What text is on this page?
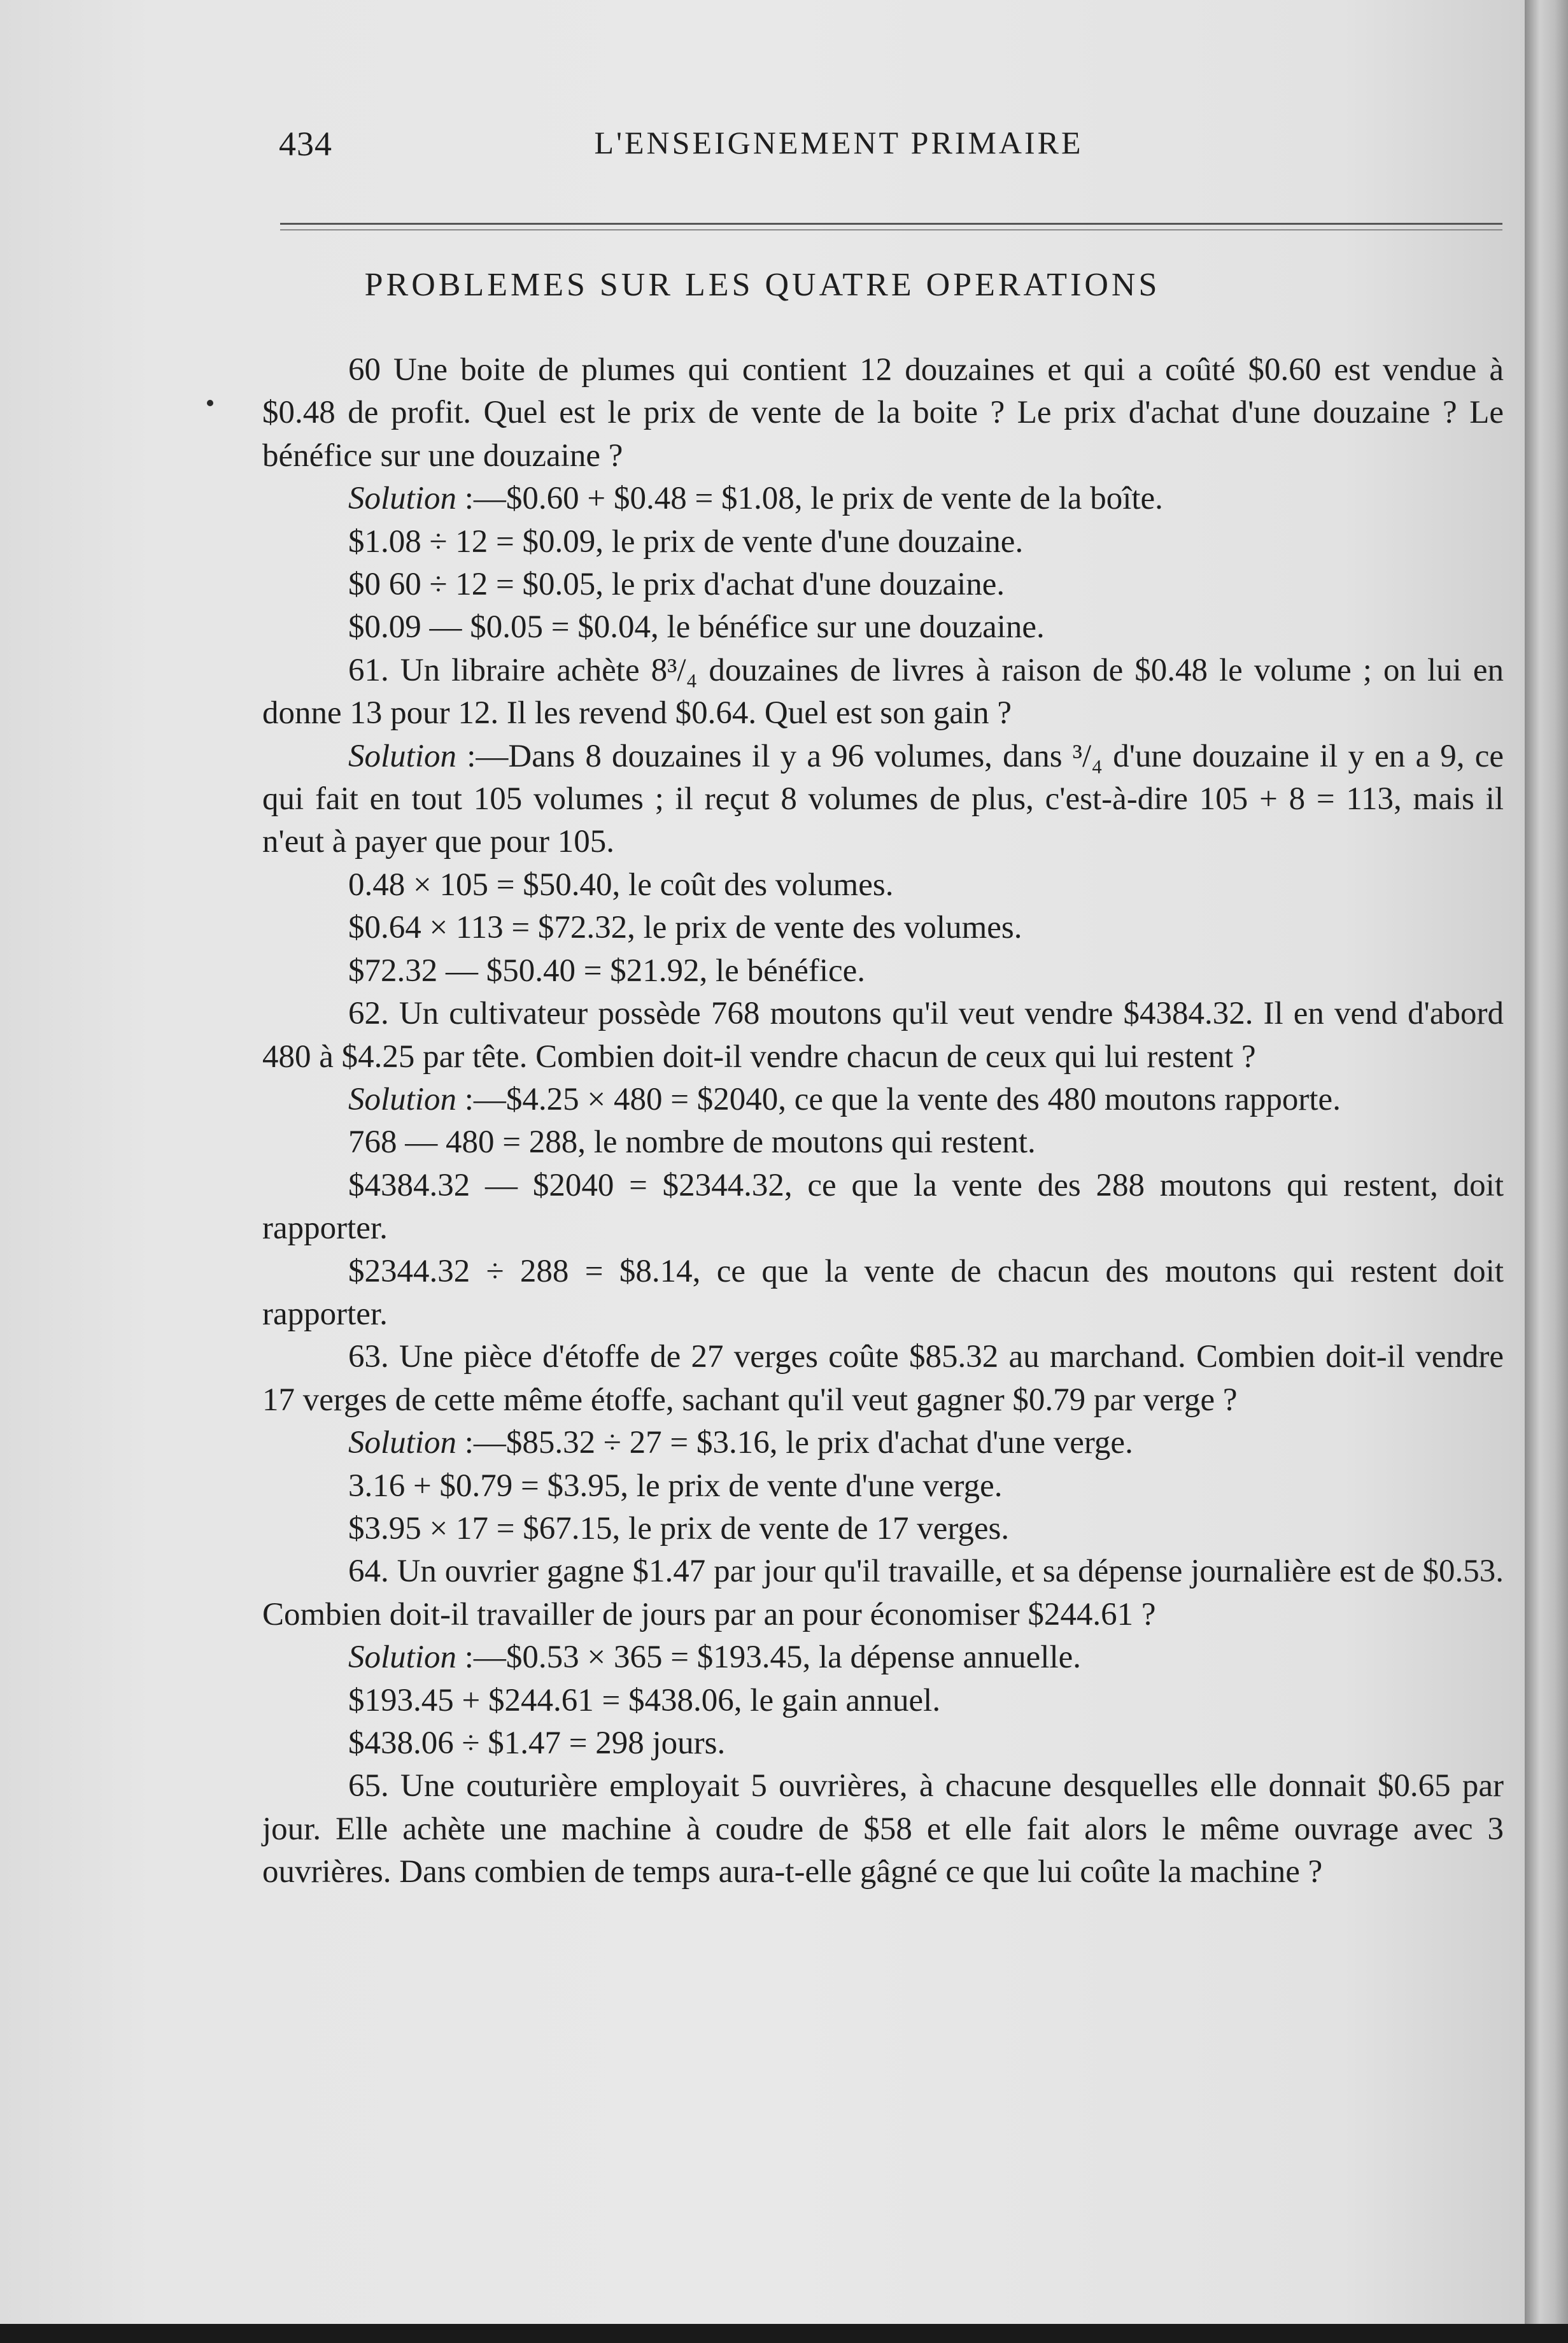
434	L'ENSEIGNEMENT PRIMAIRE
PROBLEMES SUR LES QUATRE OPERATIONS

60 Une boite de plumes qui contient 12 douzaines et qui a coûté $0.60 est vendue à $0.48 de profit. Quel est le prix de vente de la boite ? Le prix d'achat d'une douzaine ? Le bénéfice sur une douzaine ?

Solution :—$0.60 + $0.48 = $1.08, le prix de vente de la boîte.

$1.08 ÷ 12 = $0.09, le prix de vente d'une douzaine.

$0 60 ÷ 12 = $0.05, le prix d'achat d'une douzaine.

$0.09 — $0.05 = $0.04, le bénéfice sur une douzaine.

61. Un libraire achète 8³/₄ douzaines de livres à raison de $0.48 le volume ; on lui en donne 13 pour 12. Il les revend $0.64. Quel est son gain ?

Solution :—Dans 8 douzaines il y a 96 volumes, dans ³/₄ d'une douzaine il y en a 9, ce qui fait en tout 105 volumes ; il reçut 8 volumes de plus, c'est-à-dire 105 + 8 = 113, mais il n'eut à payer que pour 105.

0.48 × 105 = $50.40, le coût des volumes.

$0.64 × 113 = $72.32, le prix de vente des volumes.

$72.32 — $50.40 = $21.92, le bénéfice.

62. Un cultivateur possède 768 moutons qu'il veut vendre $4384.32. Il en vend d'abord 480 à $4.25 par tête. Combien doit-il vendre chacun de ceux qui lui restent ?

Solution :—$4.25 × 480 = $2040, ce que la vente des 480 moutons rapporte.

768 — 480 = 288, le nombre de moutons qui restent.

$4384.32 — $2040 = $2344.32, ce que la vente des 288 moutons qui restent, doit rapporter.

$2344.32 ÷ 288 = $8.14, ce que la vente de chacun des moutons qui restent doit rapporter.

63. Une pièce d'étoffe de 27 verges coûte $85.32 au marchand. Combien doit-il vendre 17 verges de cette même étoffe, sachant qu'il veut gagner $0.79 par verge ?

Solution :—$85.32 ÷ 27 = $3.16, le prix d'achat d'une verge.

3.16 + $0.79 = $3.95, le prix de vente d'une verge.

$3.95 × 17 = $67.15, le prix de vente de 17 verges.

64. Un ouvrier gagne $1.47 par jour qu'il travaille, et sa dépense journalière est de $0.53. Combien doit-il travailler de jours par an pour économiser $244.61 ?

Solution :—$0.53 × 365 = $193.45, la dépense annuelle.

$193.45 + $244.61 = $438.06, le gain annuel.

$438.06 ÷ $1.47 = 298 jours.

65. Une couturière employait 5 ouvrières, à chacune desquelles elle donnait $0.65 par jour. Elle achète une machine à coudre de $58 et elle fait alors le même ouvrage avec 3 ouvrières. Dans combien de temps aura-t-elle gâgné ce que lui coûte la machine ?
